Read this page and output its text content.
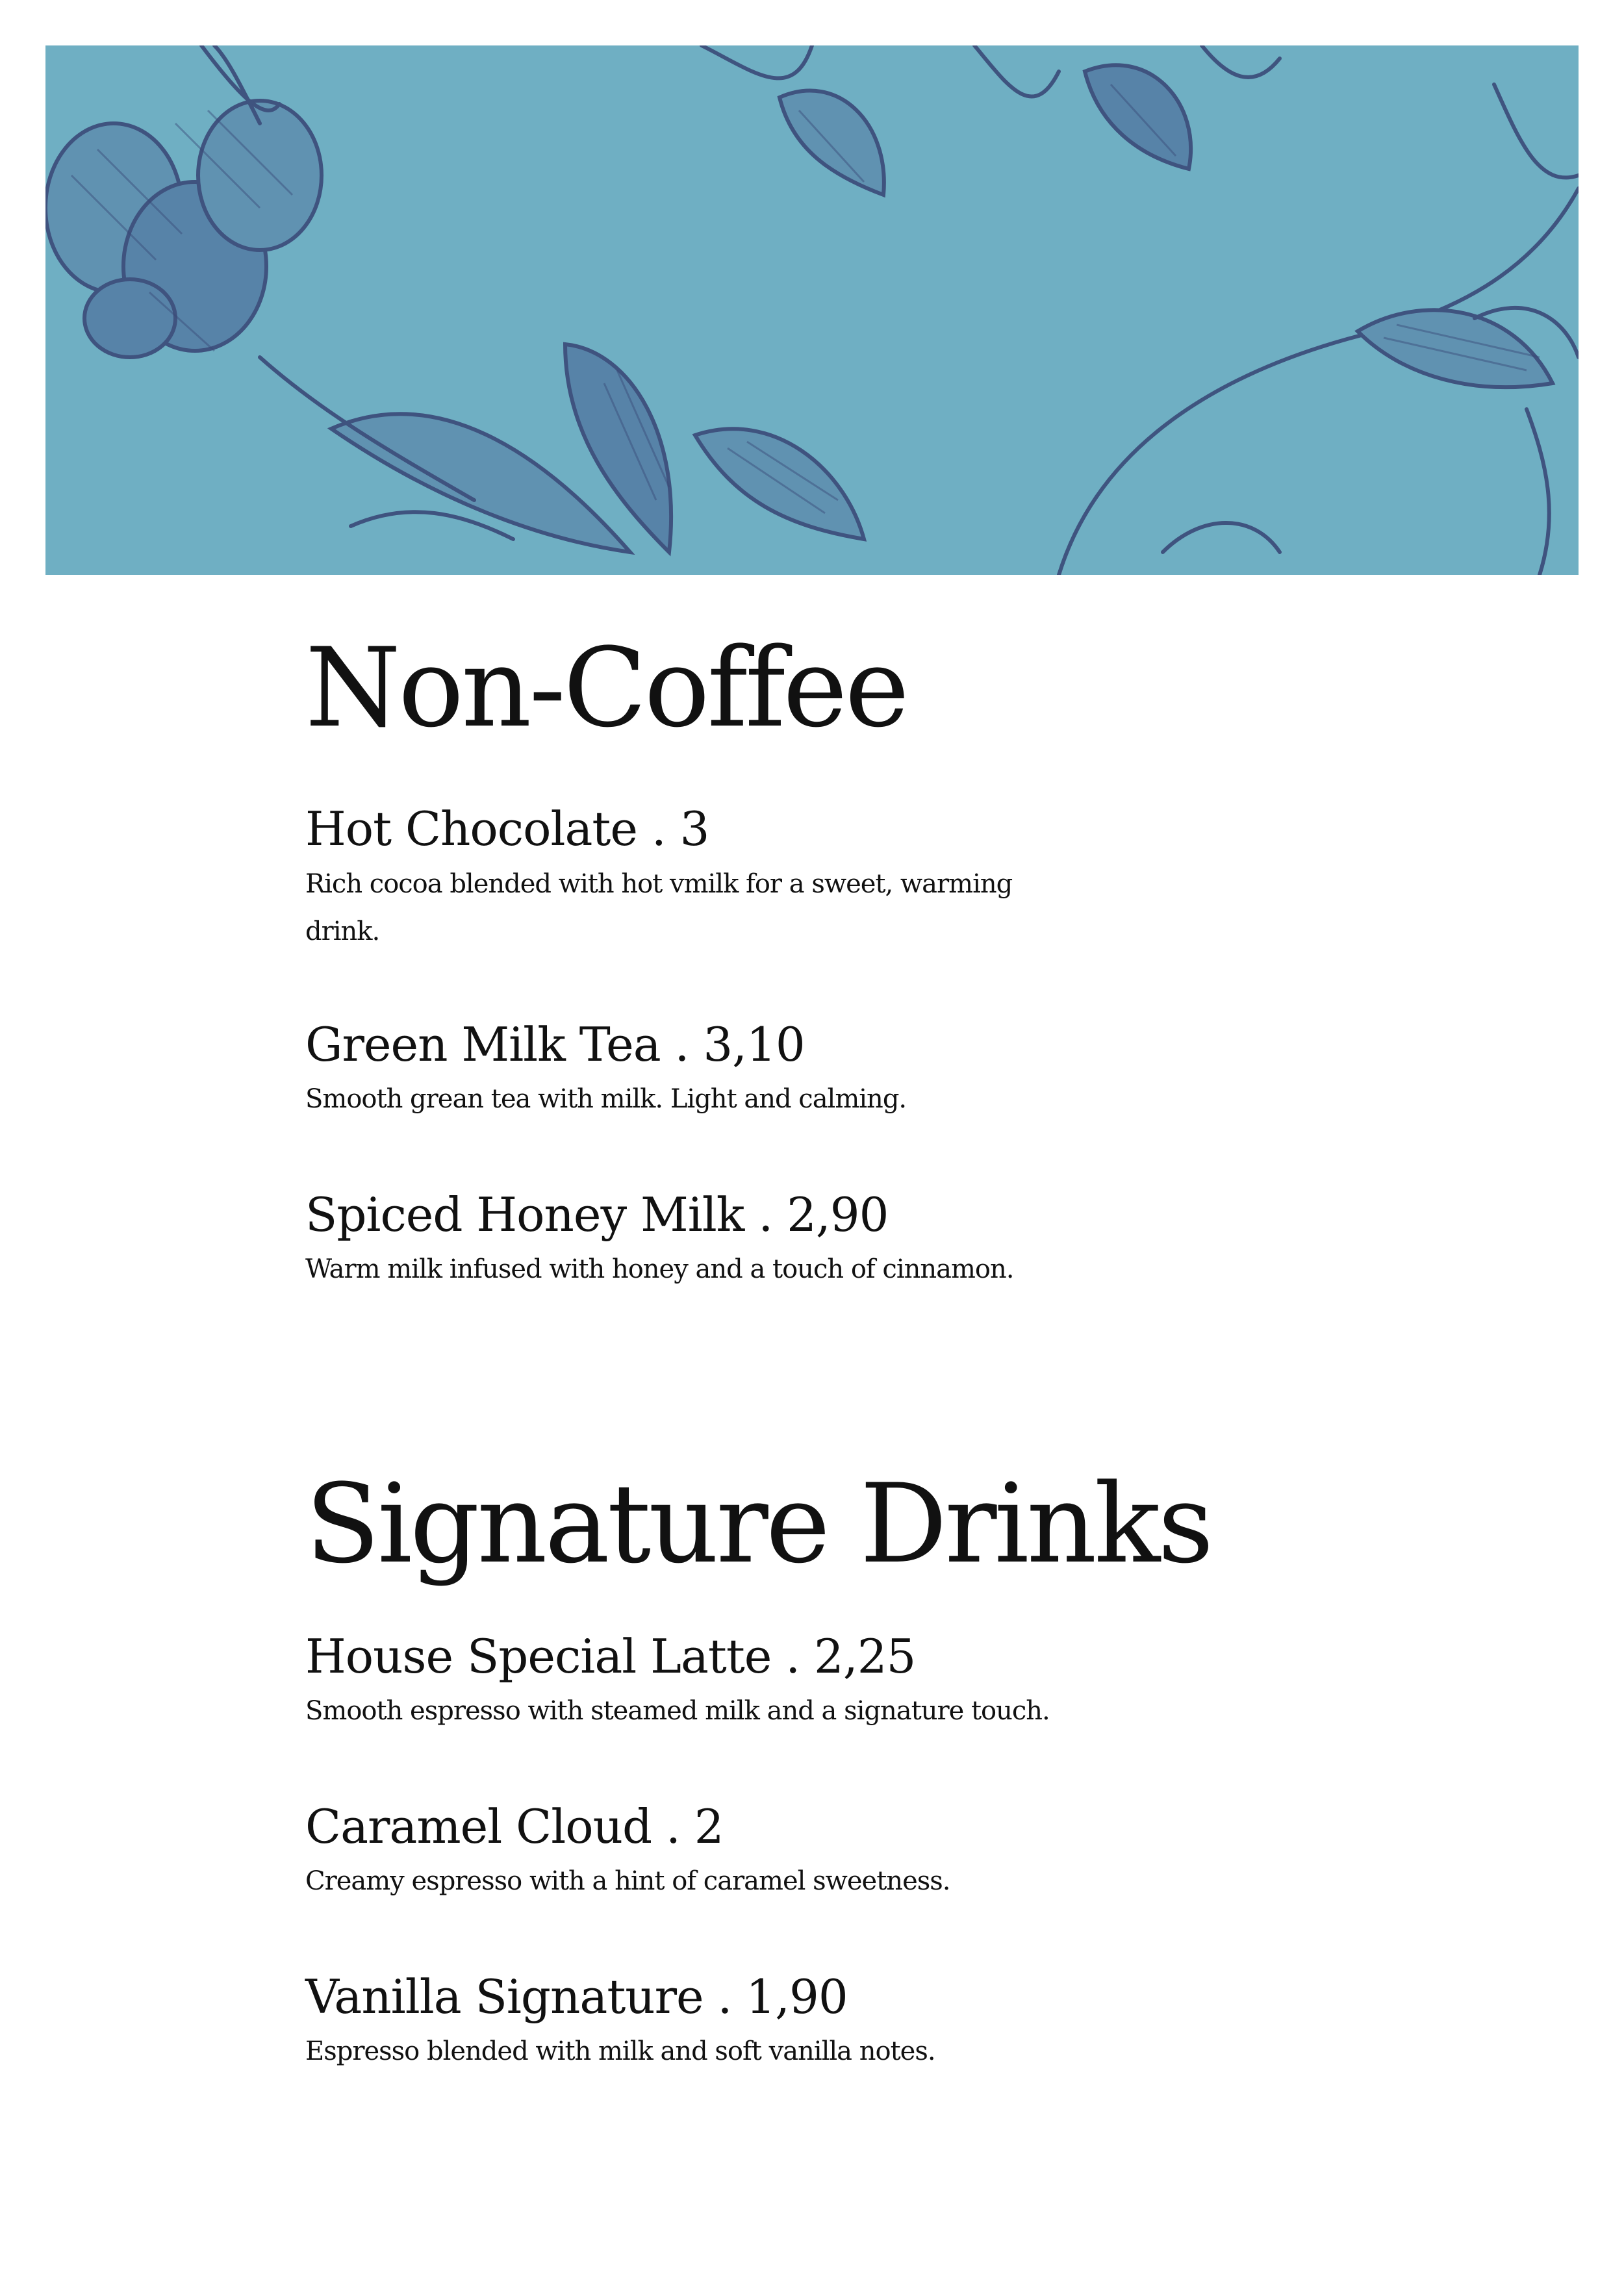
Non-Coffee
Hot Chocolate . 3

Rich cocoa blended with hot vmilk for a sweet, warming drink.

Green Milk Tea . 3,10

Smooth grean tea with milk. Light and calming.

Spiced Honey Milk . 2,90

Warm milk infused with honey and a touch of cinnamon.

Signature Drinks
House Special Latte . 2,25

Smooth espresso with steamed milk and a signature touch.

Caramel Cloud . 2

Creamy espresso with a hint of caramel sweetness.

Vanilla Signature . 1,90

Espresso blended with milk and soft vanilla notes.
